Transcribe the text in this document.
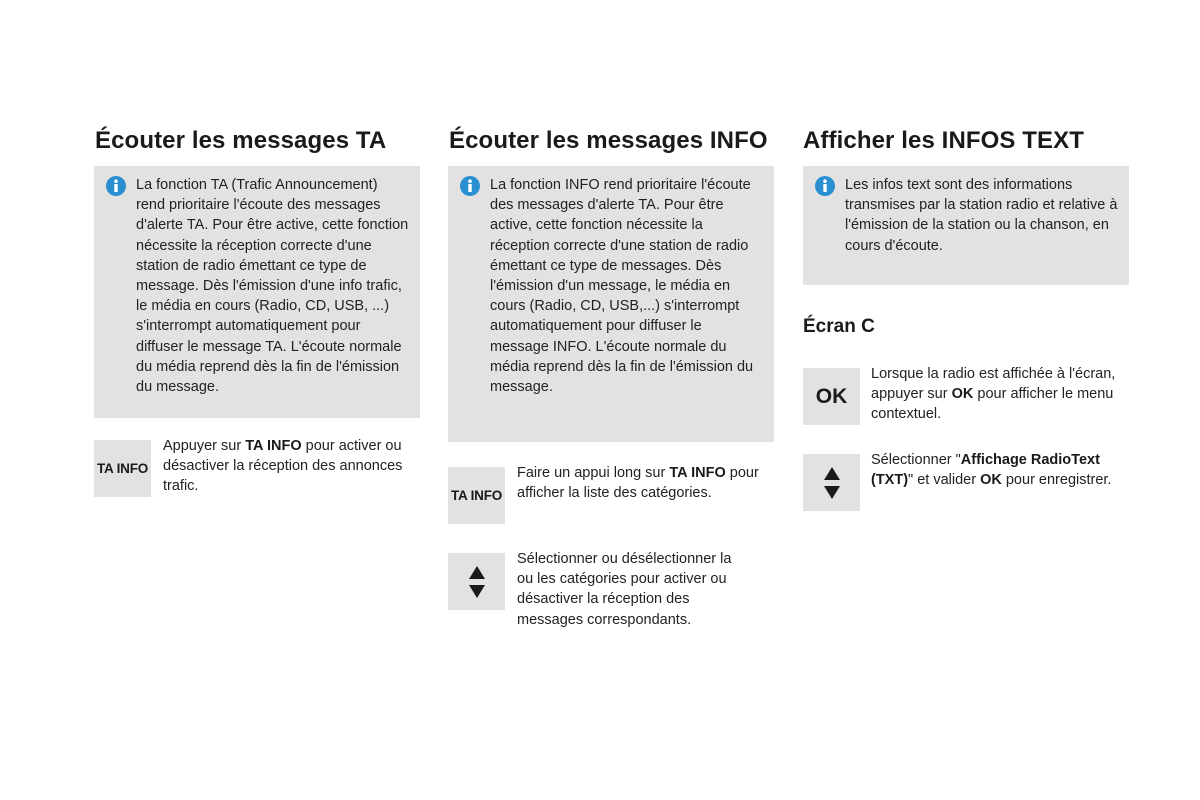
Écouter les messages TA
La fonction TA (Trafic Announcement) rend prioritaire l'écoute des messages d'alerte TA. Pour être active, cette fonction nécessite la réception correcte d'une station de radio émettant ce type de message. Dès l'émission d'une info trafic, le média en cours (Radio, CD, USB, ...) s'interrompt automatiquement pour diffuser le message TA. L'écoute normale du média reprend dès la fin de l'émission du message.
TA INFO
Appuyer sur TA INFO pour activer ou désactiver la réception des annonces trafic.
Écouter les messages INFO
La fonction INFO rend prioritaire l'écoute des messages d'alerte TA. Pour être active, cette fonction nécessite la réception correcte d'une station de radio émettant ce type de messages. Dès l'émission d'un message, le média en cours (Radio, CD, USB,...) s'interrompt automatiquement pour diffuser le message INFO. L'écoute normale du média reprend dès la fin de l'émission du message.
TA INFO
Faire un appui long sur TA INFO pour afficher la liste des catégories.
Sélectionner ou désélectionner la ou les catégories pour activer ou désactiver la réception des messages correspondants.
Afficher les INFOS TEXT
Les infos text sont des informations transmises par la station radio et relative à l'émission de la station ou la chanson, en cours d'écoute.
Écran C
OK
Lorsque la radio est affichée à l'écran, appuyer sur OK pour afficher le menu contextuel.
Sélectionner "Affichage RadioText (TXT)" et valider OK pour enregistrer.
